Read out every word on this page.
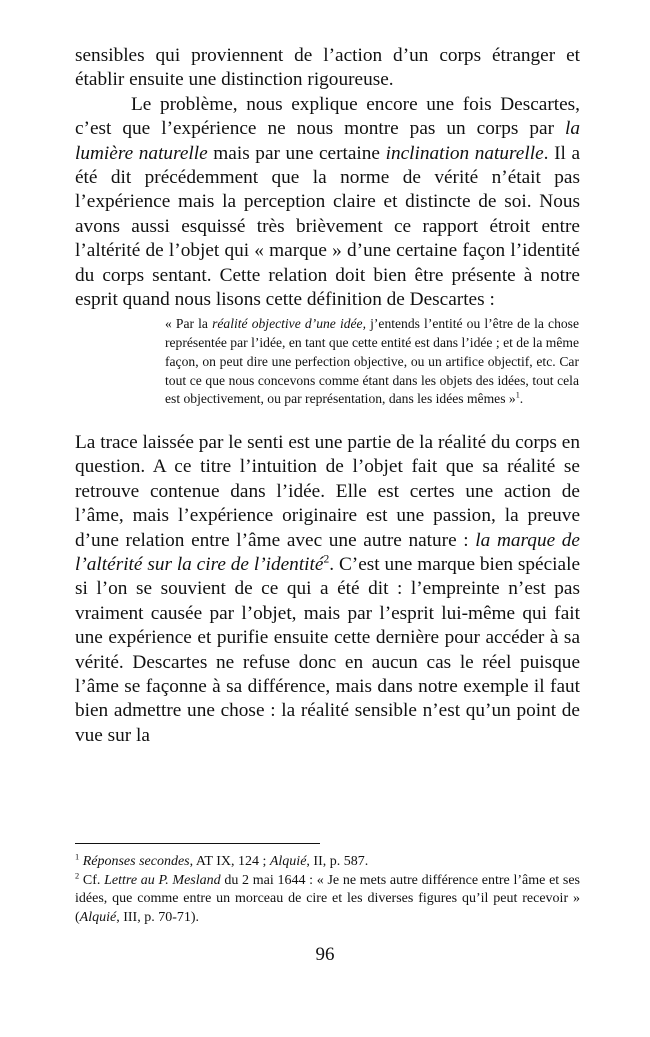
sensibles qui proviennent de l’action d’un corps étranger et établir ensuite une distinction rigoureuse.

Le problème, nous explique encore une fois Descartes, c’est que l’expérience ne nous montre pas un corps par la lumière naturelle mais par une certaine inclination naturelle. Il a été dit précédemment que la norme de vérité n’était pas l’expérience mais la perception claire et distincte de soi. Nous avons aussi esquissé très brièvement ce rapport étroit entre l’altérité de l’objet qui « marque » d’une certaine façon l’identité du corps sentant. Cette relation doit bien être présente à notre esprit quand nous lisons cette définition de Descartes :

« Par la réalité objective d’une idée, j’entends l’entité ou l’être de la chose représentée par l’idée, en tant que cette entité est dans l’idée ; et de la même façon, on peut dire une perfection objective, ou un artifice objectif, etc. Car tout ce que nous concevons comme étant dans les objets des idées, tout cela est objectivement, ou par représentation, dans les idées mêmes »$^1$.

La trace laissée par le senti est une partie de la réalité du corps en question. A ce titre l’intuition de l’objet fait que sa réalité se retrouve contenue dans l’idée. Elle est certes une action de l’âme, mais l’expérience originaire est une passion, la preuve d’une relation entre l’âme avec une autre nature : la marque de l’altérité sur la cire de l’identité$^2$. C’est une marque bien spéciale si l’on se souvient de ce qui a été dit : l’empreinte n’est pas vraiment causée par l’objet, mais par l’esprit lui-même qui fait une expérience et purifie ensuite cette dernière pour accéder à sa vérité. Descartes ne refuse donc en aucun cas le réel puisque l’âme se façonne à sa différence, mais dans notre exemple il faut bien admettre une chose : la réalité sensible n’est qu’un point de vue sur la

$^1$ Réponses secondes, AT IX, 124 ; Alquié, II, p. 587.

$^2$ Cf. Lettre au P. Mesland du 2 mai 1644 : « Je ne mets autre différence entre l’âme et ses idées, que comme entre un morceau de cire et les diverses figures qu’il peut recevoir » (Alquié, III, p. 70-71).

96
